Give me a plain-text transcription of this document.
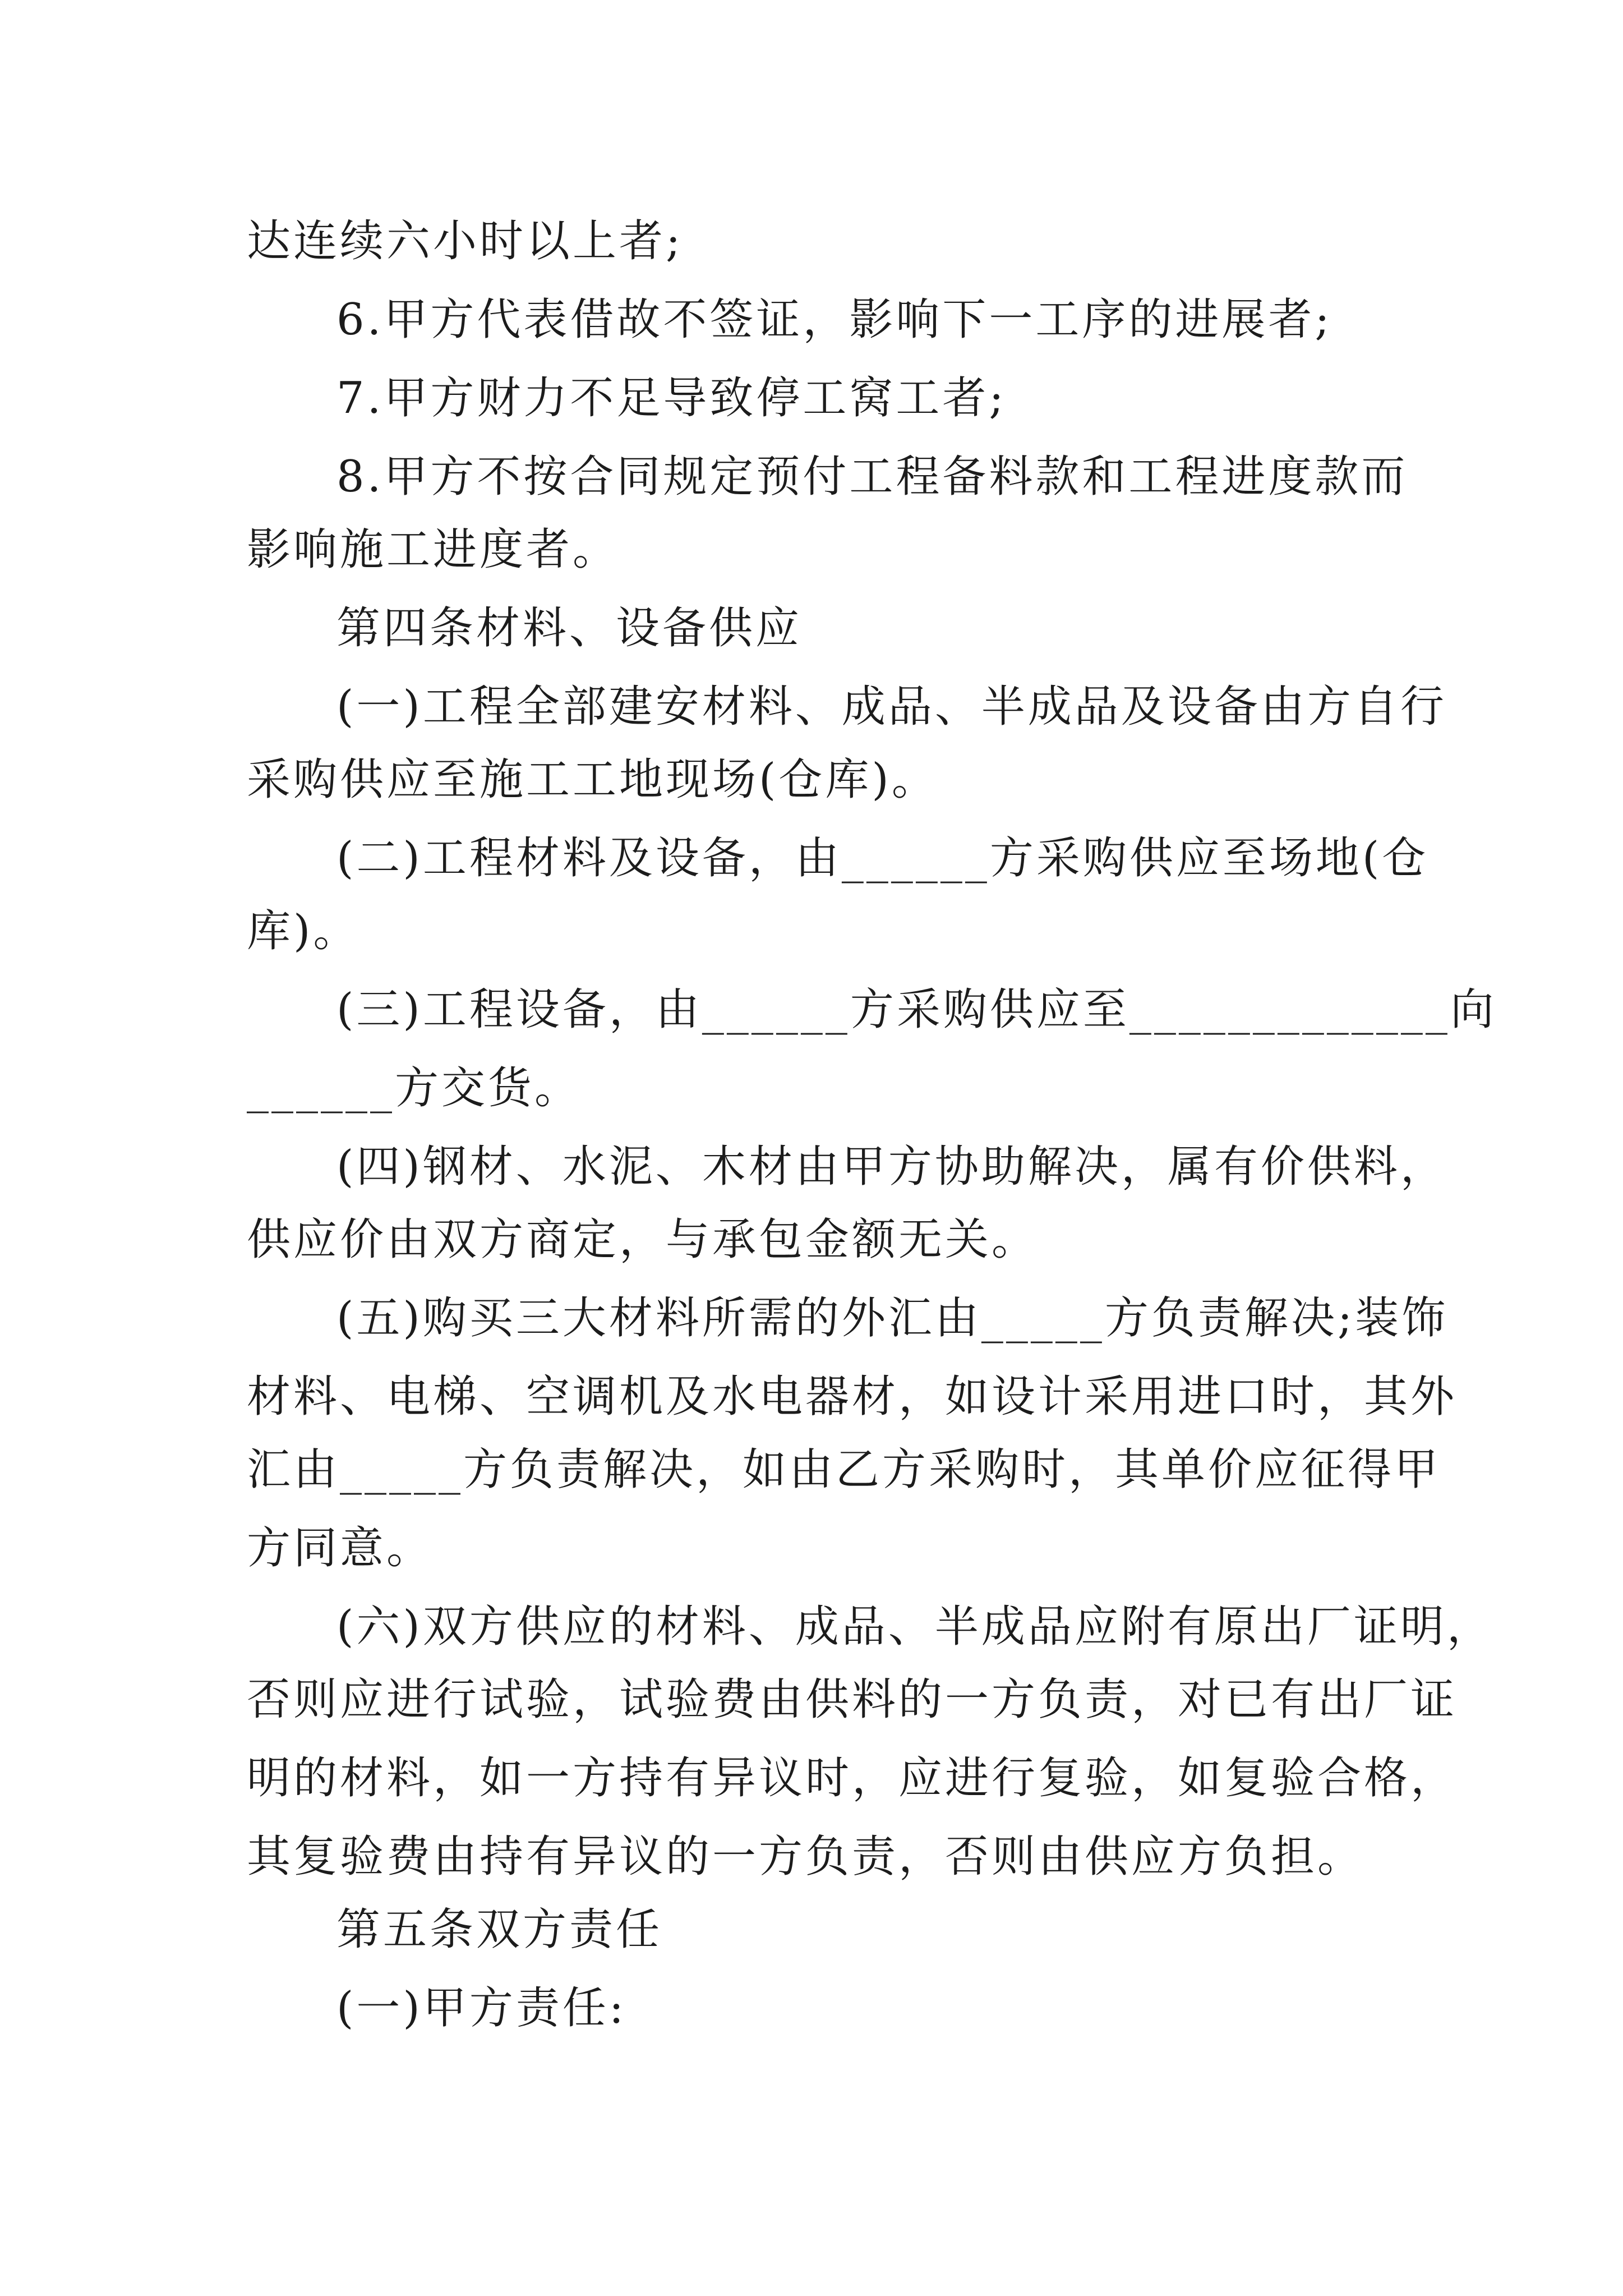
达连续六小时以上者;
6.甲方代表借故不签证，影响下一工序的进展者;
7.甲方财力不足导致停工窝工者;
8.甲方不按合同规定预付工程备料款和工程进度款而
影响施工进度者。
第四条材料、设备供应
(一)工程全部建安材料、成品、半成品及设备由方自行
采购供应至施工工地现场(仓库)。
(二)工程材料及设备，由______方采购供应至场地(仓
库)。
(三)工程设备，由______方采购供应至_____________向
______方交货。
(四)钢材、水泥、木材由甲方协助解决，属有价供料，
供应价由双方商定，与承包金额无关。
(五)购买三大材料所需的外汇由_____方负责解决;装饰
材料、电梯、空调机及水电器材，如设计采用进口时，其外
汇由_____方负责解决，如由乙方采购时，其单价应征得甲
方同意。
(六)双方供应的材料、成品、半成品应附有原出厂证明，
否则应进行试验，试验费由供料的一方负责，对已有出厂证
明的材料，如一方持有异议时，应进行复验，如复验合格，
其复验费由持有异议的一方负责，否则由供应方负担。
第五条双方责任
(一)甲方责任:
